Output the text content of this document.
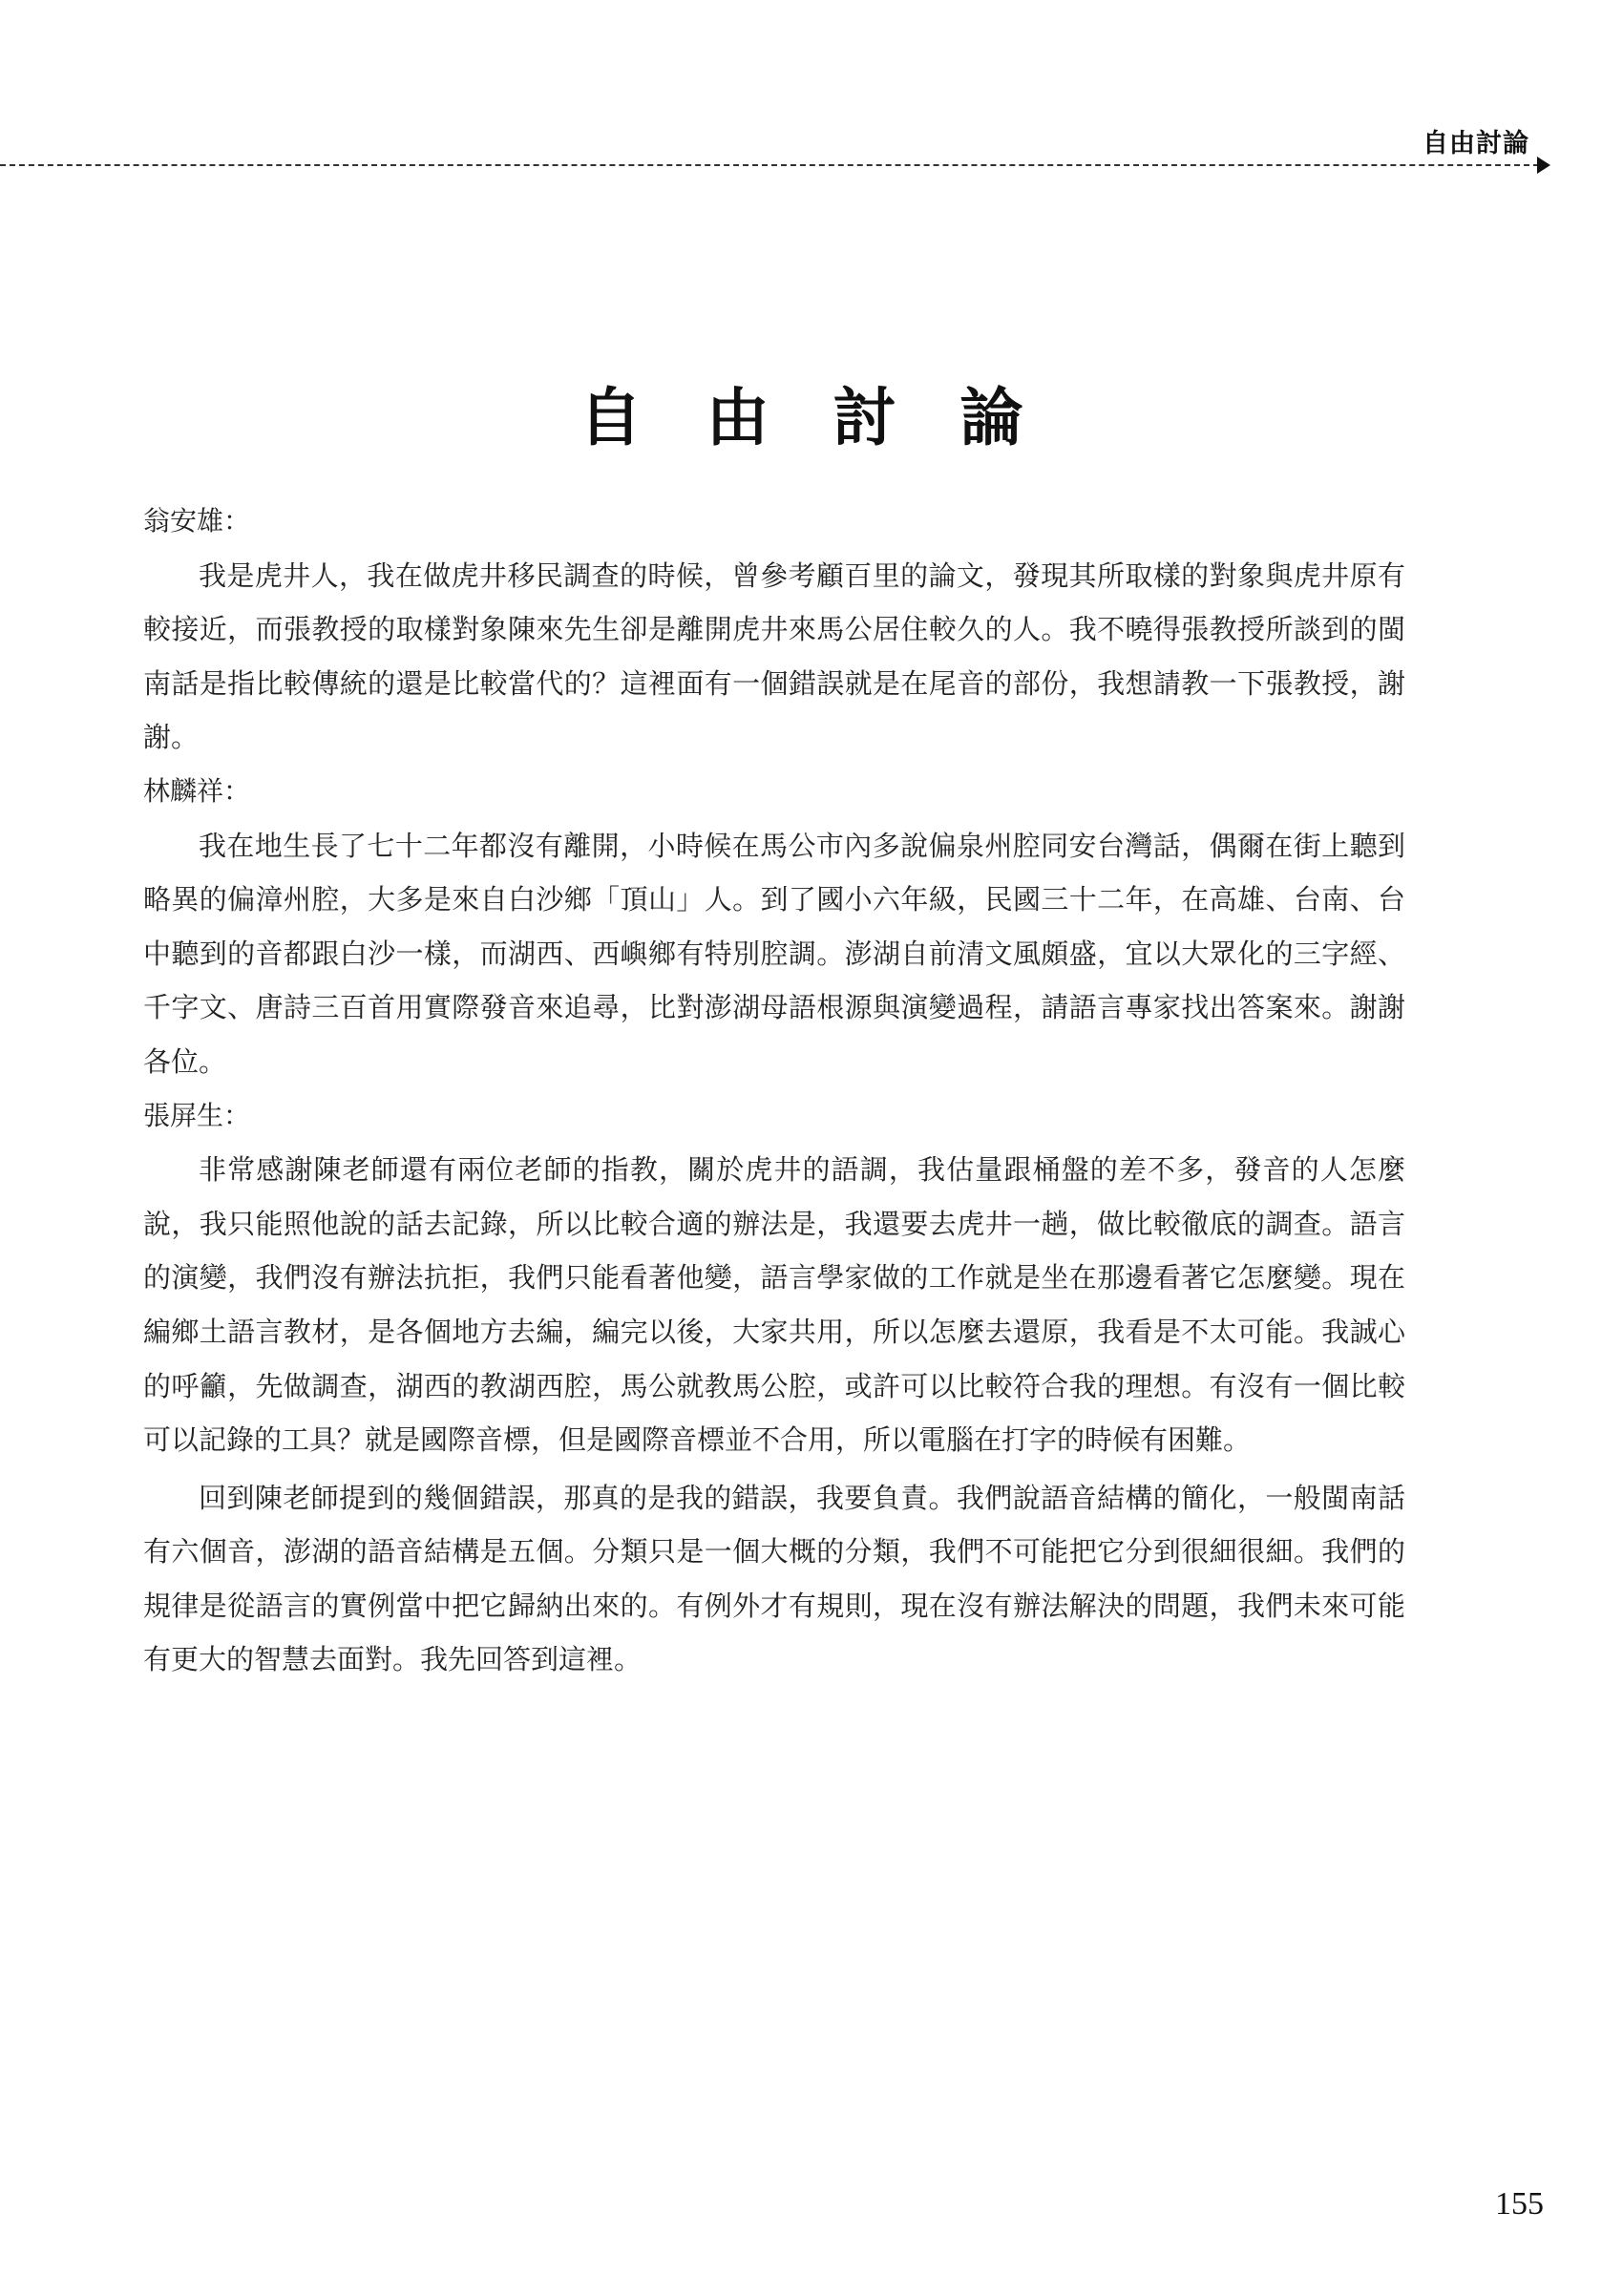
自由討論
自 由 討 論

翁安雄：

我是虎井人，我在做虎井移民調查的時候，曾參考顧百里的論文，發現其所取樣的對象與虎井原有較接近，而張教授的取樣對象陳來先生卻是離開虎井來馬公居住較久的人。我不曉得張教授所談到的閩南話是指比較傳統的還是比較當代的？這裡面有一個錯誤就是在尾音的部份，我想請教一下張教授，謝謝。

林麟祥：

我在地生長了七十二年都沒有離開，小時候在馬公市內多說偏泉州腔同安台灣話，偶爾在街上聽到略異的偏漳州腔，大多是來自白沙鄉「頂山」人。到了國小六年級，民國三十二年，在高雄、台南、台中聽到的音都跟白沙一樣，而湖西、西嶼鄉有特別腔調。澎湖自前清文風頗盛，宜以大眾化的三字經、千字文、唐詩三百首用實際發音來追尋，比對澎湖母語根源與演變過程，請語言專家找出答案來。謝謝各位。

張屏生：

非常感謝陳老師還有兩位老師的指教，關於虎井的語調，我估量跟桶盤的差不多，發音的人怎麼說，我只能照他說的話去記錄，所以比較合適的辦法是，我還要去虎井一趟，做比較徹底的調查。語言的演變，我們沒有辦法抗拒，我們只能看著他變，語言學家做的工作就是坐在那邊看著它怎麼變。現在編鄉土語言教材，是各個地方去編，編完以後，大家共用，所以怎麼去還原，我看是不太可能。我誠心的呼籲，先做調查，湖西的教湖西腔，馬公就教馬公腔，或許可以比較符合我的理想。有沒有一個比較可以記錄的工具？就是國際音標，但是國際音標並不合用，所以電腦在打字的時候有困難。

回到陳老師提到的幾個錯誤，那真的是我的錯誤，我要負責。我們說語音結構的簡化，一般閩南話有六個音，澎湖的語音結構是五個。分類只是一個大概的分類，我們不可能把它分到很細很細。我們的規律是從語言的實例當中把它歸納出來的。有例外才有規則，現在沒有辦法解決的問題，我們未來可能有更大的智慧去面對。我先回答到這裡。

155
